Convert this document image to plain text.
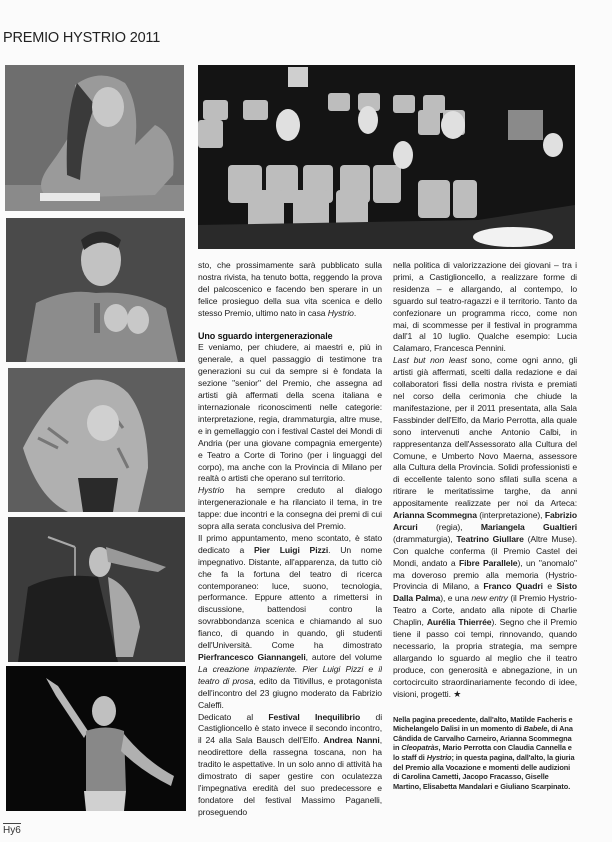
PREMIO HYSTRIO 2011

sto, che prossimamente sarà pubblicato sulla nostra rivista, ha tenuto botta, reggendo la prova del palcoscenico e facendo ben sperare in un felice prosieguo della sua vita scenica e dello stesso Premio, ultimo nato in casa Hystrio.

Uno sguardo intergenerazionale

E veniamo, per chiudere, ai maestri e, più in generale, a quel passaggio di testimone tra generazioni su cui da sempre si è fondata la sezione "senior" del Premio, che assegna ad artisti già affermati della scena italiana e internazionale riconoscimenti nelle categorie: interpretazione, regia, drammaturgia, altre muse, e in gemellaggio con i festival Castel dei Mondi di Andria (per una giovane compagnia emergente) e Teatro a Corte di Torino (per i linguaggi del corpo), ma anche con la Provincia di Milano per realtà o artisti che operano sul territorio.

Hystrio ha sempre creduto al dialogo intergenerazionale e ha rilanciato il tema, in tre tappe: due incontri e la consegna dei premi di cui sopra alla serata conclusiva del Premio.

Il primo appuntamento, meno scontato, è stato dedicato a Pier Luigi Pizzi. Un nome impegnativo. Distante, all'apparenza, da tutto ciò che fa la fortuna del teatro di ricerca contemporaneo: luce, suono, tecnologia, performance. Eppure attento a rimettersi in discussione, battendosi contro la sovrabbondanza scenica e chiamando al suo fianco, di quando in quando, gli studenti dell'Università. Come ha dimostrato Pierfrancesco Giannangeli, autore del volume La creazione impaziente. Pier Luigi Pizzi e il teatro di prosa, edito da Titivillus, e protagonista dell'incontro del 23 giugno moderato da Fabrizio Caleffi.

Dedicato al Festival Inequilibrio di Castiglioncello è stato invece il secondo incontro, il 24 alla Sala Bausch dell'Elfo. Andrea Nanni, neodirettore della rassegna toscana, non ha tradito le aspettative. In un solo anno di attività ha dimostrato di saper gestire con oculatezza l'impegnativa eredità del suo predecessore e fondatore del festival Massimo Paganelli, proseguendo

nella politica di valorizzazione dei giovani – tra i primi, a Castiglioncello, a realizzare forme di residenza – e allargando, al contempo, lo sguardo sul teatro-ragazzi e il territorio. Tanto da confezionare un programma ricco, come non mai, di scommesse per il festival in programma dall'1 al 10 luglio. Qualche esempio: Lucia Calamaro, Francesca Pennini.

Last but non least sono, come ogni anno, gli artisti già affermati, scelti dalla redazione e dai collaboratori fissi della nostra rivista e premiati nel corso della cerimonia che chiude la manifestazione, per il 2011 presentata, alla Sala Fassbinder dell'Elfo, da Mario Perrotta, alla quale sono intervenuti anche Antonio Calbi, in rappresentanza dell'Assessorato alla Cultura del Comune, e Umberto Novo Maerna, assessore alla Cultura della Provincia. Solidi professionisti e di eccellente talento sono sfilati sulla scena a ritirare le meritatissime targhe, da anni appositamente realizzate per noi da Arteca: Arianna Scommegna (interpretazione), Fabrizio Arcuri (regia), Mariangela Gualtieri (drammaturgia), Teatrino Giullare (Altre Muse). Con qualche conferma (il Premio Castel dei Mondi, andato a Fibre Parallele), un "anomalo" ma doveroso premio alla memoria (Hystrio-Provincia di Milano, a Franco Quadri e Sisto Dalla Palma), e una new entry (il Premio Hystrio-Teatro a Corte, andato alla nipote di Charlie Chaplin, Aurélia Thierrée). Segno che il Premio tiene il passo coi tempi, rinnovando, quando necessario, la propria strategia, ma sempre allargando lo sguardo al meglio che il teatro produce, con generosità e abnegazione, in un cortocircuito straordinariamente fecondo di idee, visioni, progetti. ★

Nella pagina precedente, dall'alto, Matilde Facheris e Michelangelo Dalisi in un momento di Babele, di Ana Cândida de Carvalho Carneiro, Arianna Scommegna in Cleopatràs, Mario Perrotta con Claudia Cannella e lo staff di Hystrio; in questa pagina, dall'alto, la giuria del Premio alla Vocazione e momenti delle audizioni di Carolina Cametti, Jacopo Fracasso, Giselle Martino, Elisabetta Mandalari e Giuliano Scarpinato.
Hy6
